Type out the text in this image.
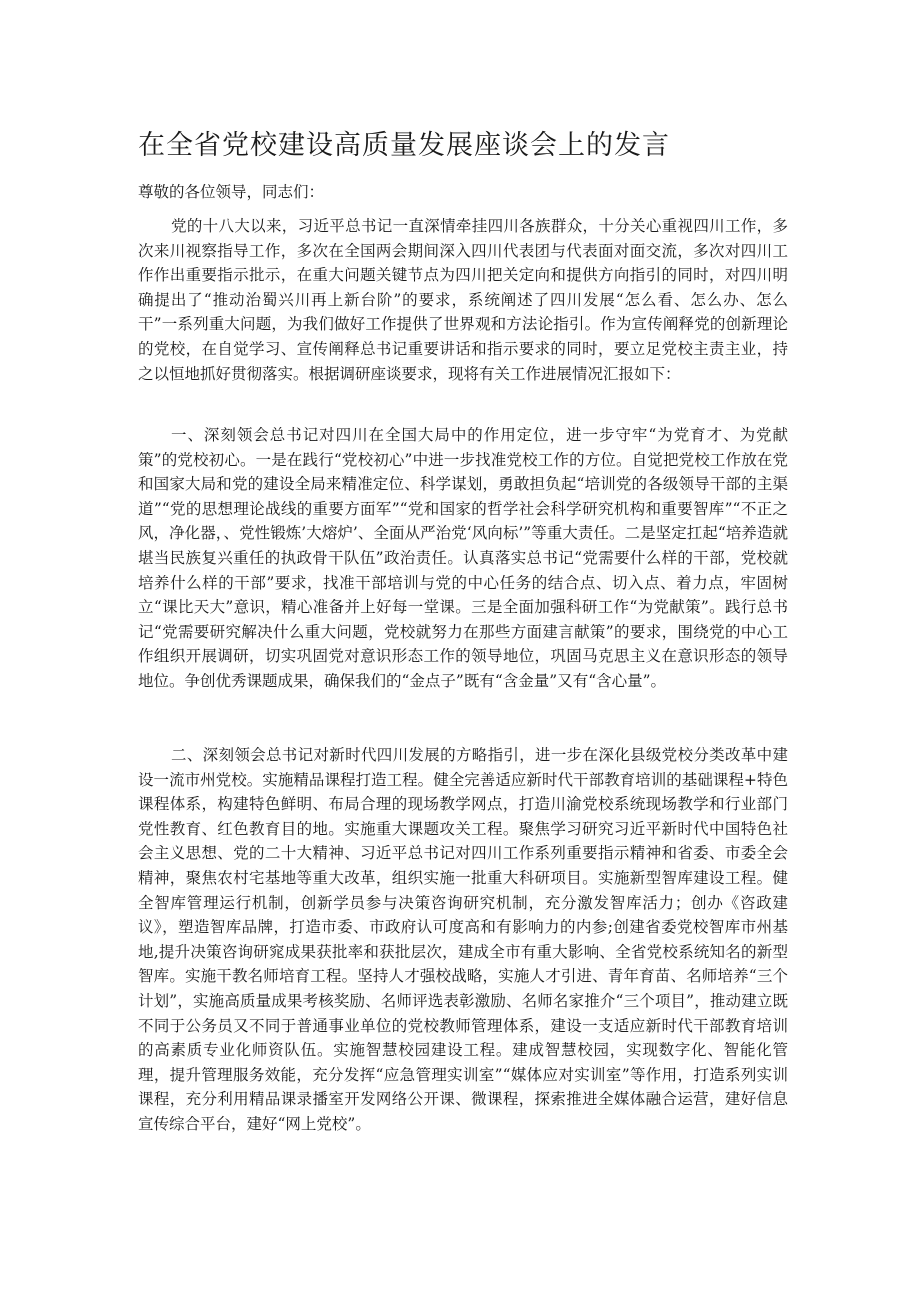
在全省党校建设高质量发展座谈会上的发言

尊敬的各位领导，同志们：

党的十八大以来，习近平总书记一直深情牵挂四川各族群众，十分关心重视四川工作，多次来川视察指导工作，多次在全国两会期间深入四川代表团与代表面对面交流，多次对四川工作作出重要指示批示，在重大问题关键节点为四川把关定向和提供方向指引的同时，对四川明确提出了“推动治蜀兴川再上新台阶”的要求，系统阐述了四川发展“怎么看、怎么办、怎么干”一系列重大问题，为我们做好工作提供了世界观和方法论指引。作为宣传阐释党的创新理论的党校，在自觉学习、宣传阐释总书记重要讲话和指示要求的同时，要立足党校主责主业，持之以恒地抓好贯彻落实。根据调研座谈要求，现将有关工作进展情况汇报如下：

一、深刻领会总书记对四川在全国大局中的作用定位，进一步守牢“为党育才、为党献策”的党校初心。一是在践行“党校初心”中进一步找准党校工作的方位。自觉把党校工作放在党和国家大局和党的建设全局来精准定位、科学谋划，勇敢担负起“培训党的各级领导干部的主渠道”“党的思想理论战线的重要方面军”“党和国家的哲学社会科学研究机构和重要智库”“不正之风，净化器，、党性锻炼’大熔炉’、全面从严治党‘风向标’”等重大责任。二是坚定扛起“培养造就堪当民族复兴重任的执政骨干队伍”政治责任。认真落实总书记“党需要什么样的干部，党校就培养什么样的干部”要求，找准干部培训与党的中心任务的结合点、切入点、着力点，牢固树立“课比天大”意识，精心准备并上好每一堂课。三是全面加强科研工作“为党献策”。践行总书记“党需要研究解决什么重大问题，党校就努力在那些方面建言献策”的要求，围绕党的中心工作组织开展调研，切实巩固党对意识形态工作的领导地位，巩固马克思主义在意识形态的领导地位。争创优秀课题成果，确保我们的“金点子”既有“含金量”又有“含心量”。

二、深刻领会总书记对新时代四川发展的方略指引，进一步在深化县级党校分类改革中建设一流市州党校。实施精品课程打造工程。健全完善适应新时代干部教育培训的基础课程+特色课程体系，构建特色鲜明、布局合理的现场教学网点，打造川渝党校系统现场教学和行业部门党性教育、红色教育目的地。实施重大课题攻关工程。聚焦学习研究习近平新时代中国特色社会主义思想、党的二十大精神、习近平总书记对四川工作系列重要指示精神和省委、市委全会精神，聚焦农村宅基地等重大改革，组织实施一批重大科研项目。实施新型智库建设工程。健全智库管理运行机制，创新学员参与决策咨询研究机制，充分激发智库活力；创办《咨政建议》，塑造智库品牌，打造市委、市政府认可度高和有影响力的内参;创建省委党校智库市州基地,提升决策咨询研窕成果获批率和获批层次，建成全市有重大影响、全省党校系统知名的新型智库。实施干教名师培育工程。坚持人才强校战略，实施人才引进、青年育苗、名师培养“三个计划”，实施高质量成果考核奖励、名师评选表彰激励、名师名家推介“三个项目”，推动建立既不同于公务员又不同于普通事业单位的党校教师管理体系，建设一支适应新时代干部教育培训的高素质专业化师资队伍。实施智慧校园建设工程。建成智慧校园，实现数字化、智能化管理，提升管理服务效能，充分发挥“应急管理实训室”“媒体应对实训室”等作用，打造系列实训课程，充分利用精品课录播室开发网络公开课、微课程，探索推进全媒体融合运营，建好信息宣传综合平台，建好“网上党校”。
